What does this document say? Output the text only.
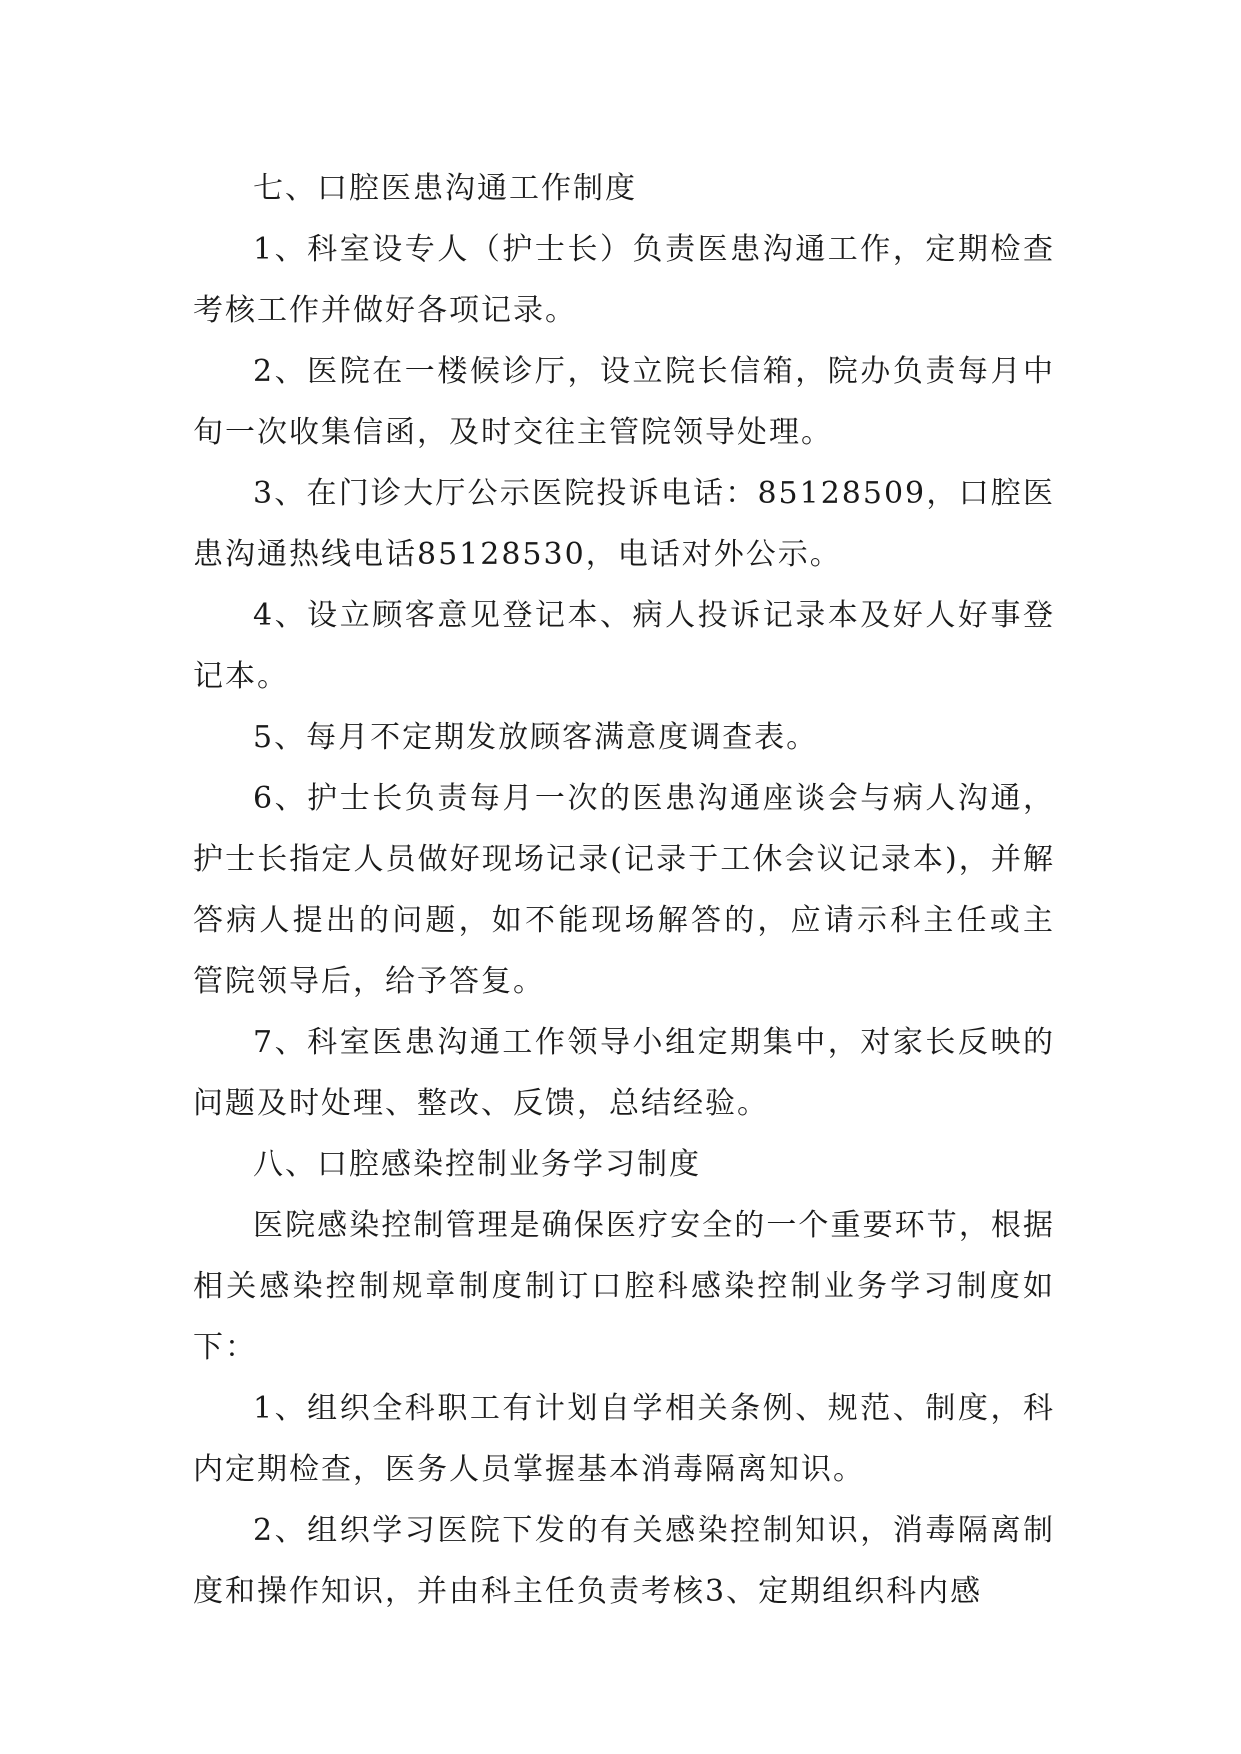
七、口腔医患沟通工作制度

1、科室设专人（护士长）负责医患沟通工作，定期检查考核工作并做好各项记录。

2、医院在一楼候诊厅，设立院长信箱，院办负责每月中旬一次收集信函，及时交往主管院领导处理。

3、在门诊大厅公示医院投诉电话：85128509，口腔医患沟通热线电话85128530，电话对外公示。

4、设立顾客意见登记本、病人投诉记录本及好人好事登记本。

5、每月不定期发放顾客满意度调查表。

6、护士长负责每月一次的医患沟通座谈会与病人沟通，护士长指定人员做好现场记录(记录于工休会议记录本)，并解答病人提出的问题，如不能现场解答的，应请示科主任或主管院领导后，给予答复。

7、科室医患沟通工作领导小组定期集中，对家长反映的问题及时处理、整改、反馈，总结经验。

八、口腔感染控制业务学习制度

医院感染控制管理是确保医疗安全的一个重要环节，根据相关感染控制规章制度制订口腔科感染控制业务学习制度如下：

1、组织全科职工有计划自学相关条例、规范、制度，科内定期检查，医务人员掌握基本消毒隔离知识。

2、组织学习医院下发的有关感染控制知识，消毒隔离制度和操作知识，并由科主任负责考核3、定期组织科内感
